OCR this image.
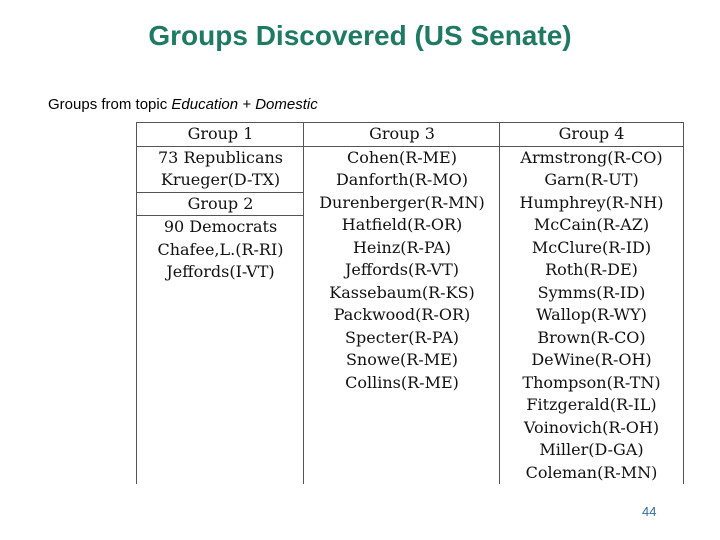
Groups Discovered (US Senate)
Groups from topic Education + Domestic
Group 1
73 Republicans
Krueger(D-TX)
Group 2
90 Democrats
Chafee,L.(R-RI)
Jeffords(I-VT)
Group 3
Cohen(R-ME)
Danforth(R-MO)
Durenberger(R-MN)
Hatfield(R-OR)
Heinz(R-PA)
Jeffords(R-VT)
Kassebaum(R-KS)
Packwood(R-OR)
Specter(R-PA)
Snowe(R-ME)
Collins(R-ME)
Group 4
Armstrong(R-CO)
Garn(R-UT)
Humphrey(R-NH)
McCain(R-AZ)
McClure(R-ID)
Roth(R-DE)
Symms(R-ID)
Wallop(R-WY)
Brown(R-CO)
DeWine(R-OH)
Thompson(R-TN)
Fitzgerald(R-IL)
Voinovich(R-OH)
Miller(D-GA)
Coleman(R-MN)
44
